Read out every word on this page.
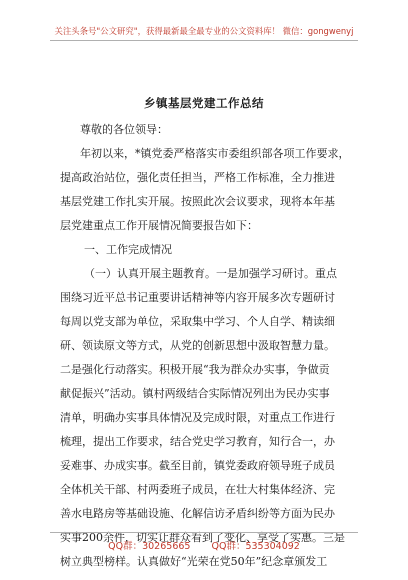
关注头条号"公文研究"，获得最新最全最专业的公文资料库！ 微信：gongwenyj
乡镇基层党建工作总结
尊敬的各位领导：
年初以来，*镇党委严格落实市委组织部各项工作要求，
提高政治站位，强化责任担当，严格工作标准，全力推进
基层党建工作扎实开展。按照此次会议要求，现将本年基
层党建重点工作开展情况简要报告如下：
一、工作完成情况
（一）认真开展主题教育。一是加强学习研讨。重点
围绕习近平总书记重要讲话精神等内容开展多次专题研讨
每周以党支部为单位，采取集中学习、个人自学、精读细
研、领读原文等方式，从党的创新思想中汲取智慧力量。
二是强化行动落实。积极开展“我为群众办实事，争做贡
献促振兴”活动。镇村两级结合实际情况列出为民办实事
清单，明确办实事具体情况及完成时限，对重点工作进行
梳理，提出工作要求，结合党史学习教育，知行合一，办
妥难事、办成实事。截至目前，镇党委政府领导班子成员
全体机关干部、村两委班子成员，在壮大村集体经济、完
善水电路房等基础设施、化解信访矛盾纠纷等方面为民办
实事200余件，切实让群众看到了变化、享受了实惠。三是
树立典型榜样。认真做好“光荣在党50年”纪念章颁发工
QQ群：30265665 QQ群：535304092
